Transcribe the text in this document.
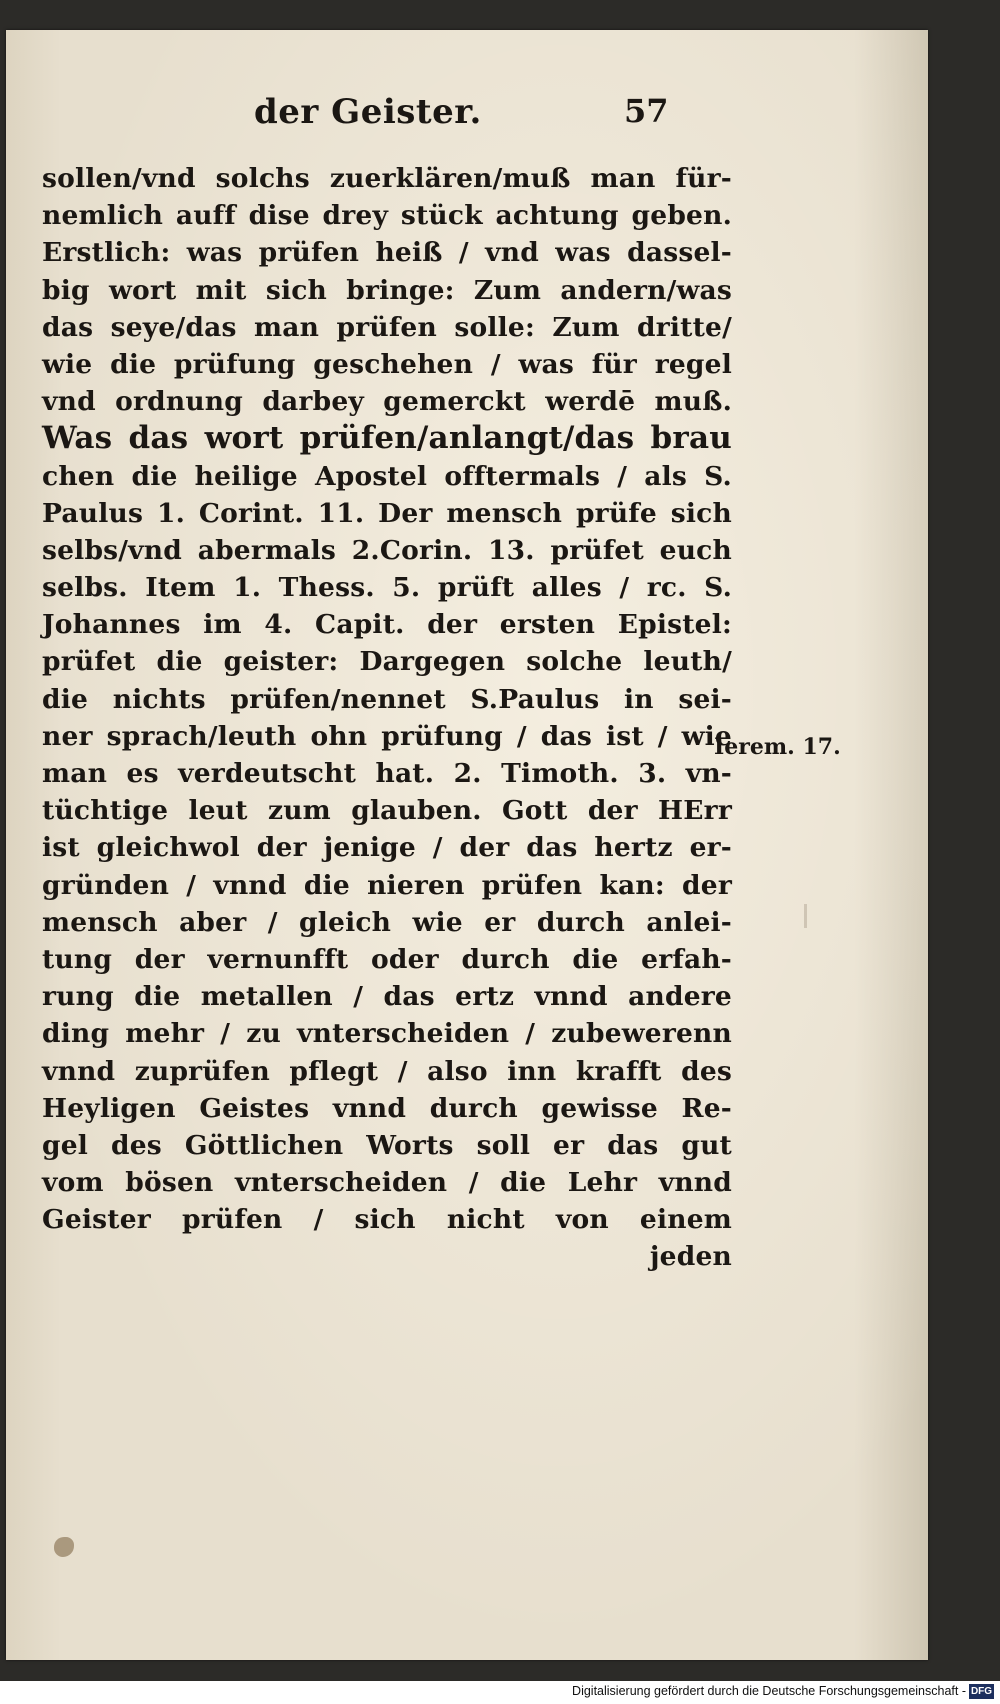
der Geister.	57
sollen/vnd solchs zuerklären/muß man für-
nemlich auff dise drey stück achtung geben.
Erstlich: was prüfen heiß / vnd was dassel-
big wort mit sich bringe: Zum andern/was
das seye/das man prüfen solle: Zum dritte/
wie die prüfung geschehen / was für regel
vnd ordnung darbey gemerckt werdē muß.
Was das wort prüfen/anlangt/das brau
chen die heilige Apostel offtermals / als S.
Paulus 1. Corint. 11. Der mensch prüfe sich
selbs/vnd abermals 2.Corin. 13. prüfet euch
selbs. Item 1. Thess. 5. prüft alles / rc. S.
Johannes im 4. Capit. der ersten Epistel:
prüfet die geister: Dargegen solche leuth/
die nichts prüfen/nennet S.Paulus in sei-
ner sprach/leuth ohn prüfung / das ist / wie
man es verdeutscht hat. 2. Timoth. 3. vn-
tüchtige leut zum glauben. Gott der HErr
ist gleichwol der jenige / der das hertz er-
gründen / vnnd die nieren prüfen kan: der
mensch aber / gleich wie er durch anlei-
tung der vernunfft oder durch die erfah-
rung die metallen / das ertz vnnd andere
ding mehr / zu vnterscheiden / zubewerenn
vnnd zuprüfen pflegt / also inn krafft des
Heyligen Geistes vnnd durch gewisse Re-
gel des Göttlichen Worts soll er das gut
vom bösen vnterscheiden / die Lehr vnnd
Geister prüfen / sich nicht von einem
jeden
Ierem. 17.
Digitalisierung gefördert durch die Deutsche Forschungsgemeinschaft - DFG
